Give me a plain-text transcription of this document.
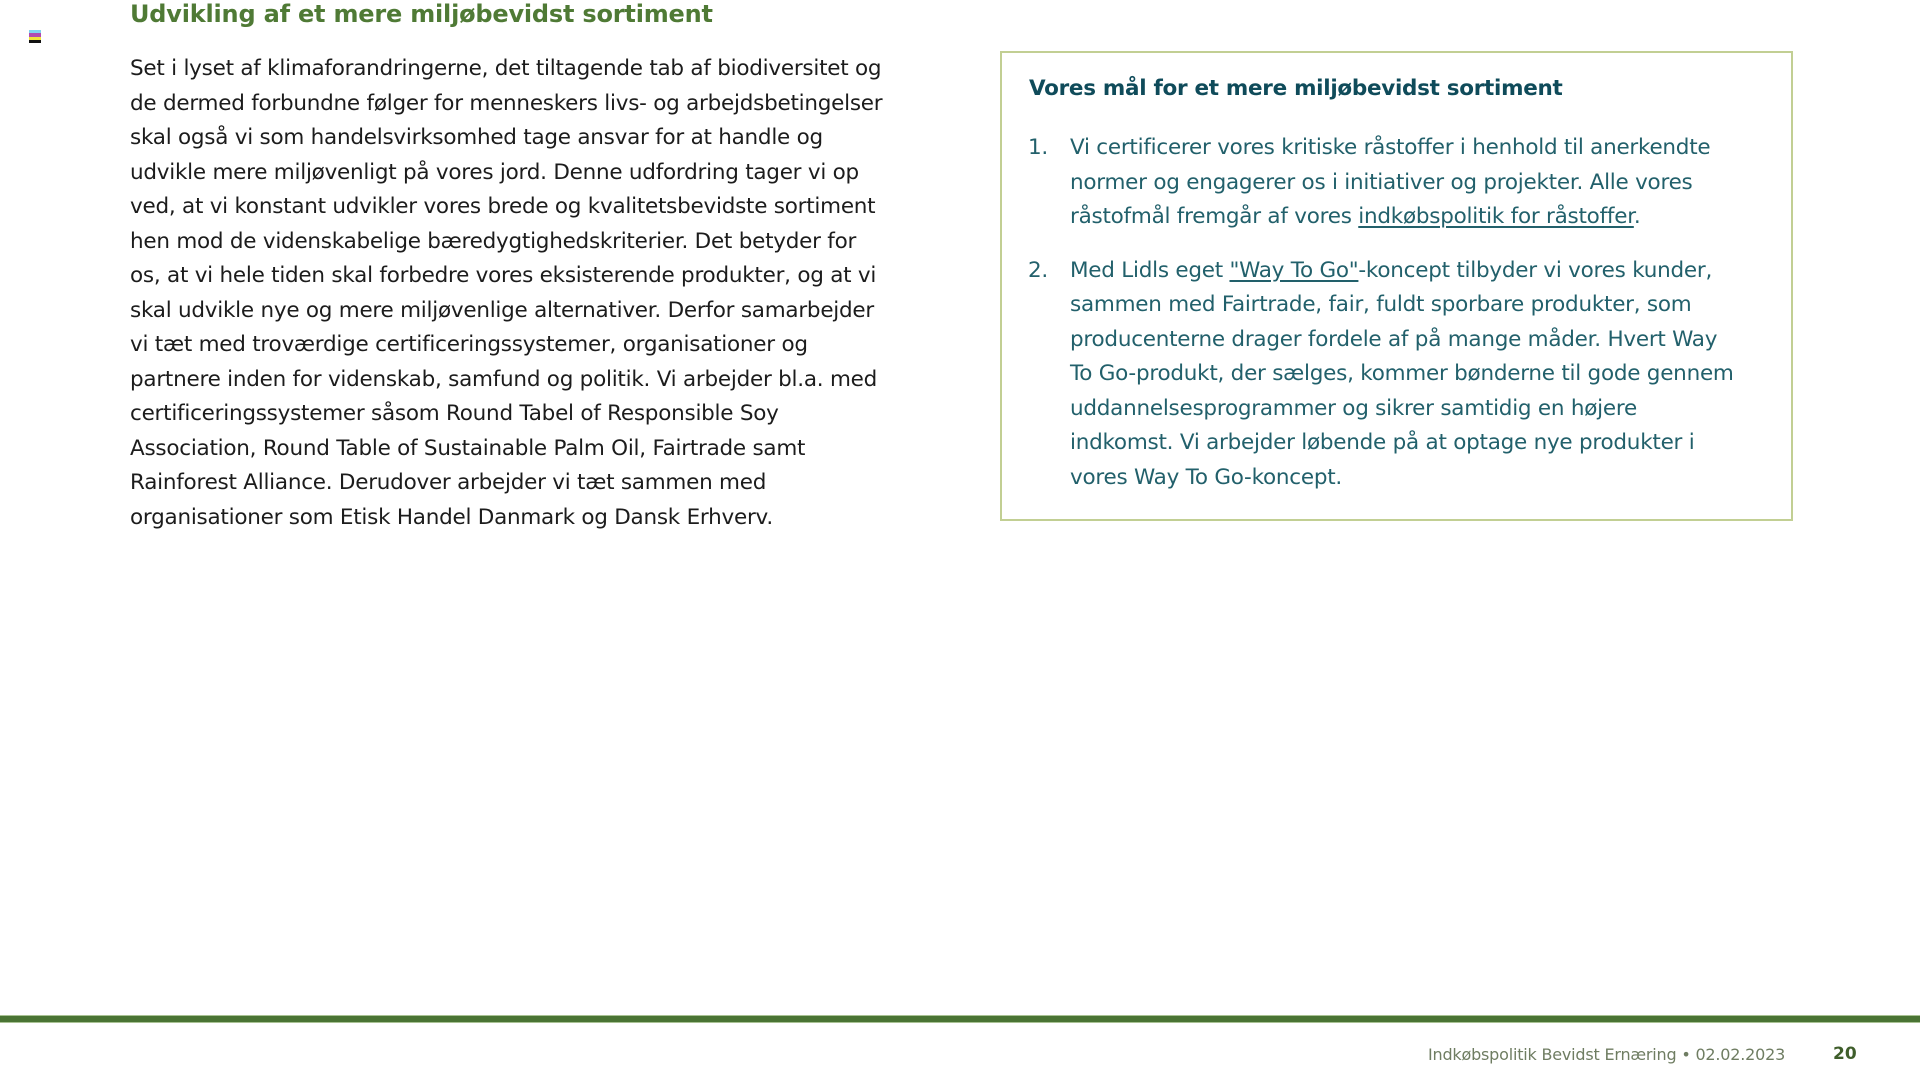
Udvikling af et mere miljøbevidst sortiment

Set i lyset af klimaforandringerne, det tiltagende tab af biodiversitet og
de dermed forbundne følger for menneskers livs- og arbejdsbetingelser
skal også vi som handelsvirksomhed tage ansvar for at handle og
udvikle mere miljøvenligt på vores jord. Denne udfordring tager vi op
ved, at vi konstant udvikler vores brede og kvalitetsbevidste sortiment
hen mod de videnskabelige bæredygtighedskriterier. Det betyder for
os, at vi hele tiden skal forbedre vores eksisterende produkter, og at vi
skal udvikle nye og mere miljøvenlige alternativer. Derfor samarbejder
vi tæt med troværdige certificeringssystemer, organisationer og
partnere inden for videnskab, samfund og politik. Vi arbejder bl.a. med
certificeringssystemer såsom Round Tabel of Responsible Soy
Association, Round Table of Sustainable Palm Oil, Fairtrade samt
Rainforest Alliance. Derudover arbejder vi tæt sammen med
organisationer som Etisk Handel Danmark og Dansk Erhverv.

Vores mål for et mere miljøbevidst sortiment
1. Vi certificerer vores kritiske råstoffer i henhold til anerkendte
normer og engagerer os i initiativer og projekter. Alle vores
råstofmål fremgår af vores indkøbspolitik for råstoffer.
2. Med Lidls eget "Way To Go"-koncept tilbyder vi vores kunder,
sammen med Fairtrade, fair, fuldt sporbare produkter, som
producenterne drager fordele af på mange måder. Hvert Way
To Go-produkt, der sælges, kommer bønderne til gode gennem
uddannelsesprogrammer og sikrer samtidig en højere
indkomst. Vi arbejder løbende på at optage nye produkter i
vores Way To Go-koncept.
Indkøbspolitik Bevidst Ernæring • 02.02.2023	20
